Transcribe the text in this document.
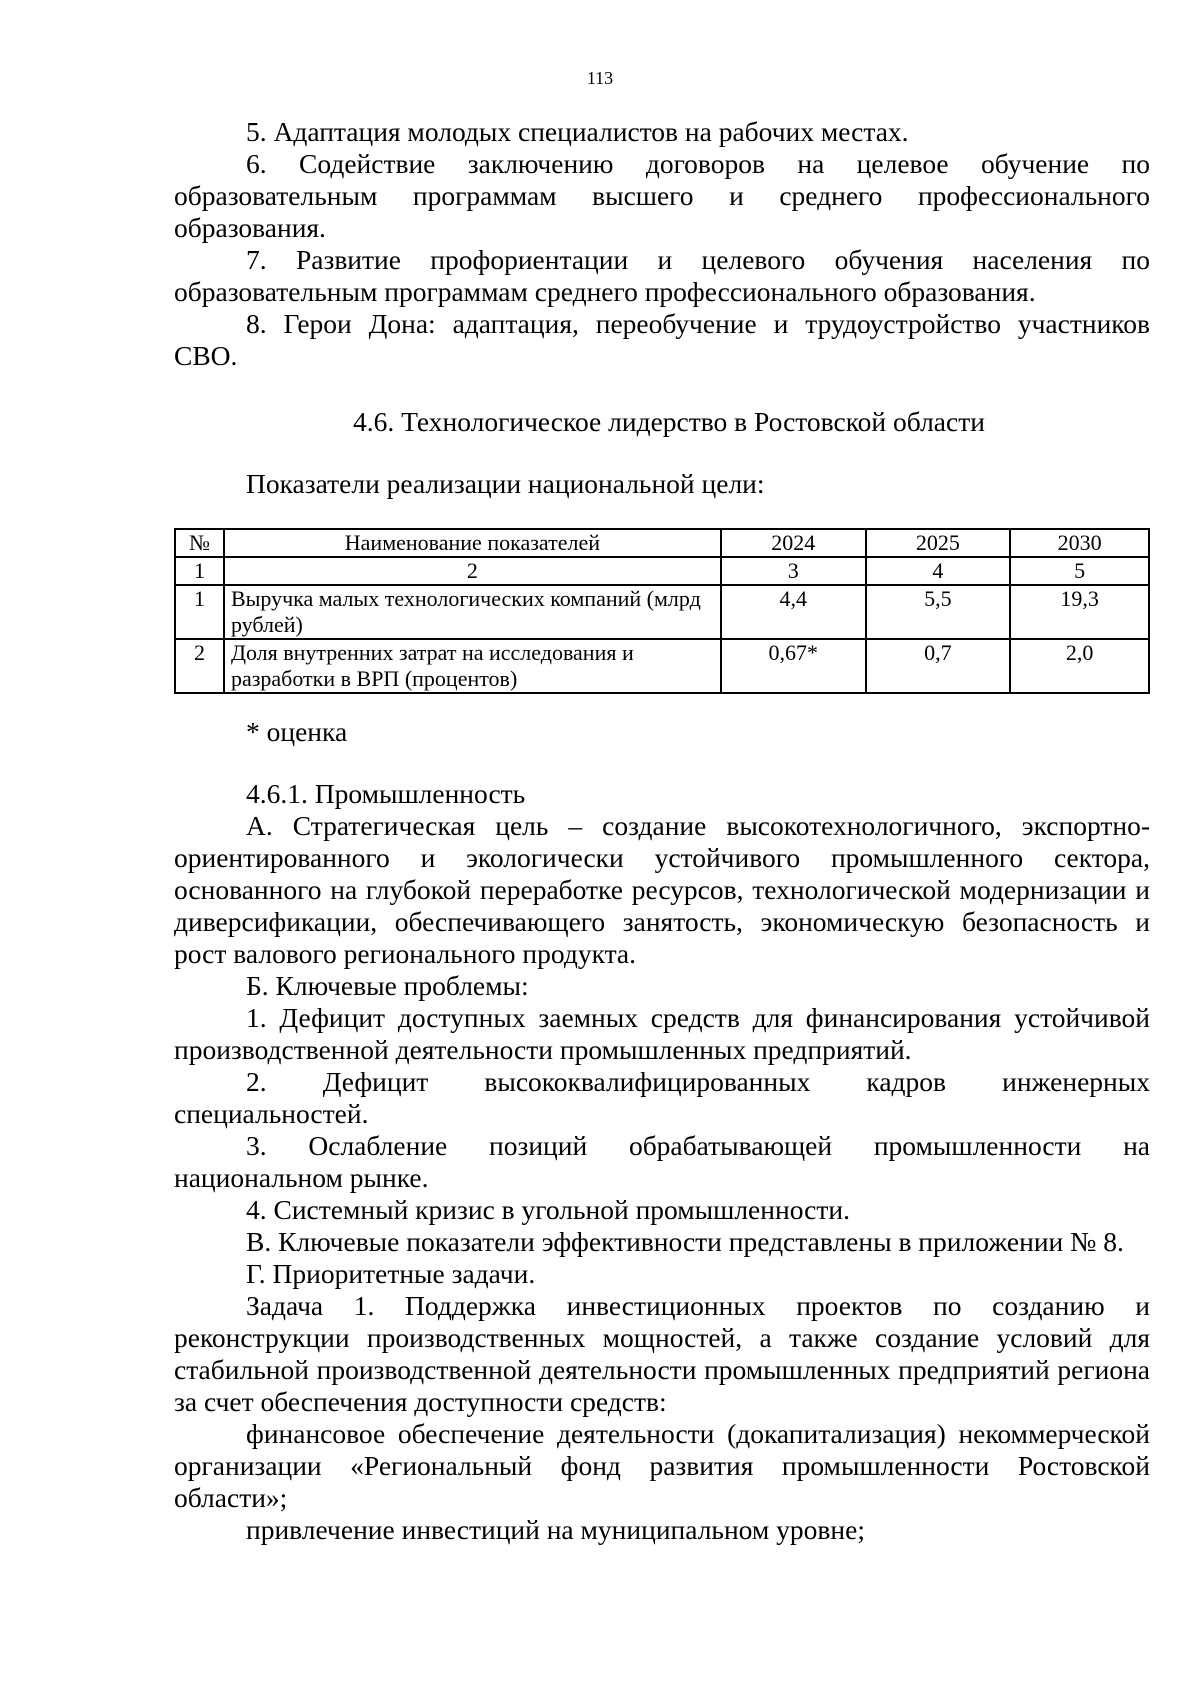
113

5. Адаптация молодых специалистов на рабочих местах.

6. Содействие заключению договоров на целевое обучение по образовательным программам высшего и среднего профессионального образования.

7. Развитие профориентации и целевого обучения населения по образовательным программам среднего профессионального образования.

8. Герои Дона: адаптация, переобучение и трудоустройство участников СВО.

4.6. Технологическое лидерство в Ростовской области

Показатели реализации национальной цели:

№	Наименование показателей	2024	2025	2030
1	2	3	4	5
1	Выручка малых технологических компаний (млрд рублей)	4,4	5,5	19,3
2	Доля внутренних затрат на исследования и разработки в ВРП (процентов)	0,67*	0,7	2,0

* оценка

4.6.1. Промышленность

А. Стратегическая цель – создание высокотехнологичного, экспортно-ориентированного и экологически устойчивого промышленного сектора, основанного на глубокой переработке ресурсов, технологической модернизации и диверсификации, обеспечивающего занятость, экономическую безопасность и рост валового регионального продукта.

Б. Ключевые проблемы:

1. Дефицит доступных заемных средств для финансирования устойчивой производственной деятельности промышленных предприятий.

2. Дефицит высококвалифицированных кадров инженерных специальностей.

3. Ослабление позиций обрабатывающей промышленности на национальном рынке.

4. Системный кризис в угольной промышленности.

В. Ключевые показатели эффективности представлены в приложении № 8.

Г. Приоритетные задачи.

Задача 1. Поддержка инвестиционных проектов по созданию и реконструкции производственных мощностей, а также создание условий для стабильной производственной деятельности промышленных предприятий региона за счет обеспечения доступности средств:

финансовое обеспечение деятельности (докапитализация) некоммерческой организации «Региональный фонд развития промышленности Ростовской области»;

привлечение инвестиций на муниципальном уровне;
